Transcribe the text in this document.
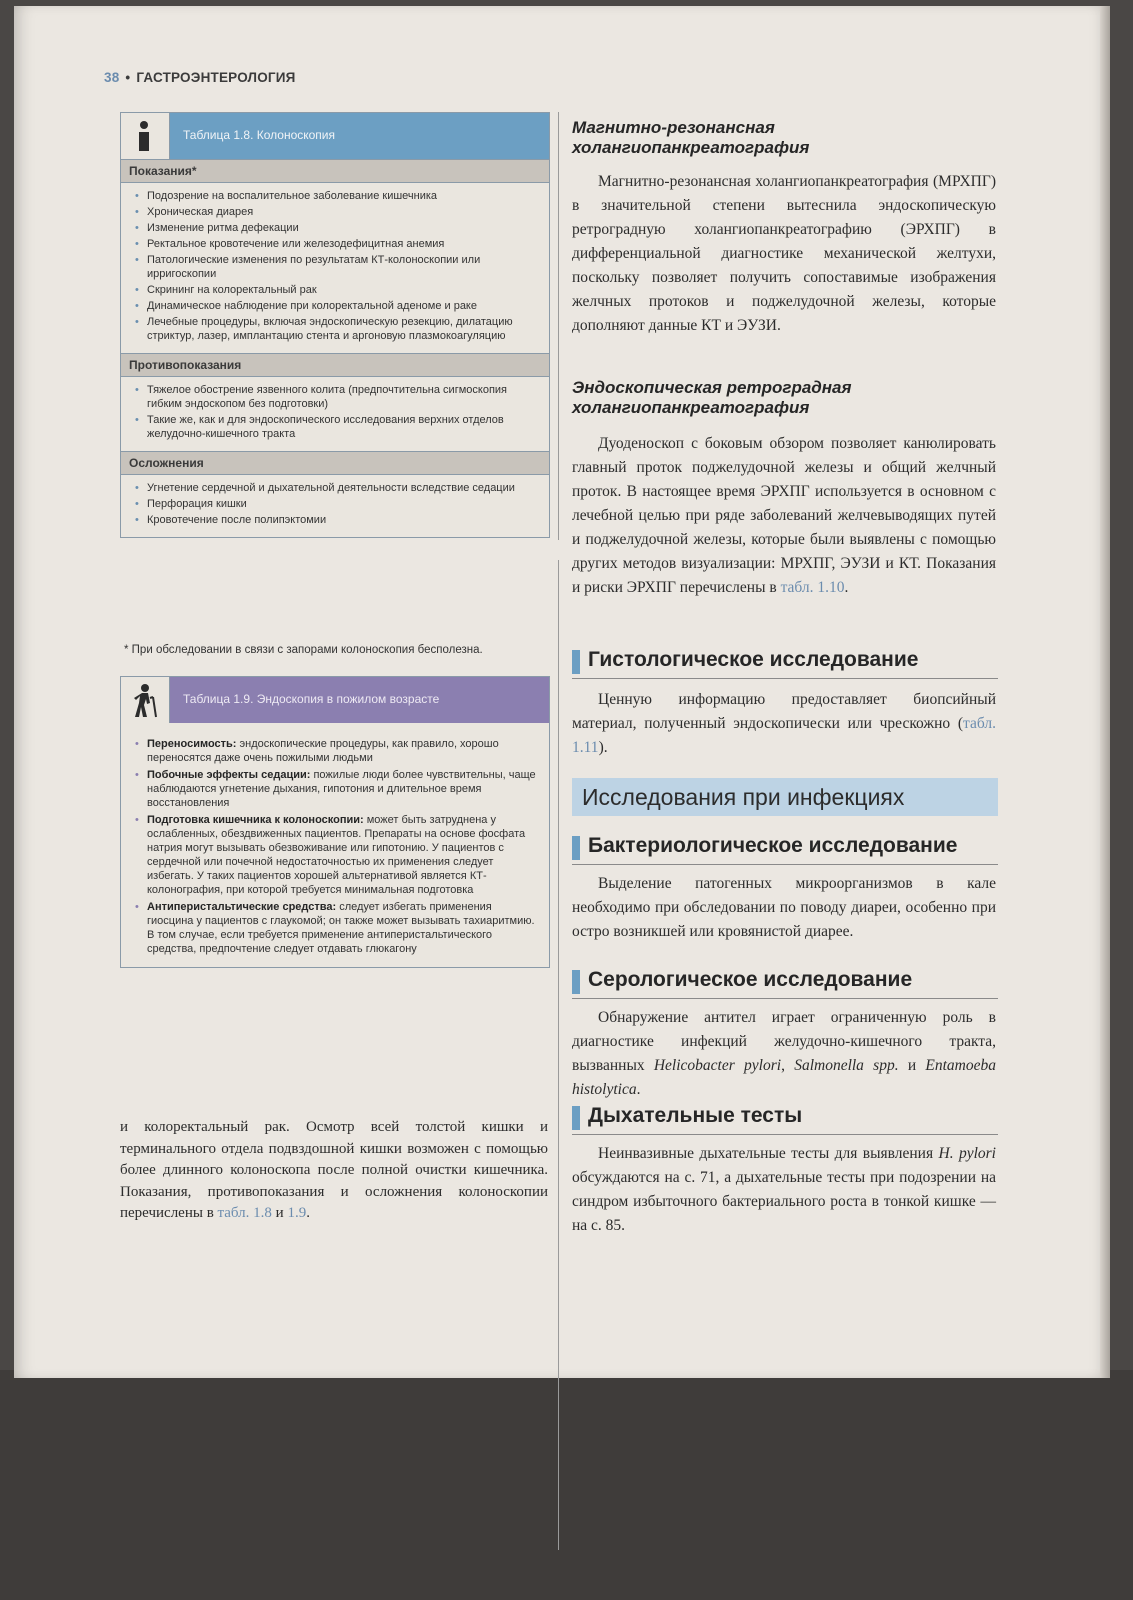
38 • ГАСТРОЭНТЕРОЛОГИЯ
Таблица 1.8. Колоноскопия
Показания*
• Подозрение на воспалительное заболевание кишечника
• Хроническая диарея
• Изменение ритма дефекации
• Ректальное кровотечение или железодефицитная анемия
• Патологические изменения по результатам КТ-колоноскопии или ирригоскопии
• Скрининг на колоректальный рак
• Динамическое наблюдение при колоректальной аденоме и раке
• Лечебные процедуры, включая эндоскопическую резекцию, дилатацию стриктур, лазер, имплантацию стента и аргоновую плазмокоагуляцию
Противопоказания
• Тяжелое обострение язвенного колита (предпочтительна сигмоскопия гибким эндоскопом без подготовки)
• Такие же, как и для эндоскопического исследования верхних отделов желудочно-кишечного тракта
Осложнения
• Угнетение сердечной и дыхательной деятельности вследствие седации
• Перфорация кишки
• Кровотечение после полипэктомии
* При обследовании в связи с запорами колоноскопия бесполезна.
Таблица 1.9. Эндоскопия в пожилом возрасте
• Переносимость: эндоскопические процедуры, как правило, хорошо переносятся даже очень пожилыми людьми
• Побочные эффекты седации: пожилые люди более чувствительны, чаще наблюдаются угнетение дыхания, гипотония и длительное время восстановления
• Подготовка кишечника к колоноскопии: может быть затруднена у ослабленных, обездвиженных пациентов. Препараты на основе фосфата натрия могут вызывать обезвоживание или гипотонию. У пациентов с сердечной или почечной недостаточностью их применения следует избегать. У таких пациентов хорошей альтернативой является КТ-колонография, при которой требуется минимальная подготовка
• Антиперистальтические средства: следует избегать применения гиосцина у пациентов с глаукомой; он также может вызывать тахиаритмию. В том случае, если требуется применение антиперистальтического средства, предпочтение следует отдавать глюкагону
и колоректальный рак. Осмотр всей толстой кишки и терминального отдела подвздошной кишки возможен с помощью более длинного колоноскопа после полной очистки кишечника. Показания, противопоказания и осложнения колоноскопии перечислены в табл. 1.8 и 1.9.
Магнитно-резонансная
холангиопанкреатография
Магнитно-резонансная холангиопанкреатография (МРХПГ) в значительной степени вытеснила эндоскопическую ретроградную холангиопанкреатографию (ЭРХПГ) в дифференциальной диагностике механической желтухи, поскольку позволяет получить сопоставимые изображения желчных протоков и поджелудочной железы, которые дополняют данные КТ и ЭУЗИ.
Эндоскопическая ретроградная
холангиопанкреатография
Дуоденоскоп с боковым обзором позволяет канюлировать главный проток поджелудочной железы и общий желчный проток. В настоящее время ЭРХПГ используется в основном с лечебной целью при ряде заболеваний желчевыводящих путей и поджелудочной железы, которые были выявлены с помощью других методов визуализации: МРХПГ, ЭУЗИ и КТ. Показания и риски ЭРХПГ перечислены в табл. 1.10.
Гистологическое исследование
Ценную информацию предоставляет биопсийный материал, полученный эндоскопически или чрескожно (табл. 1.11).
Исследования при инфекциях
Бактериологическое исследование
Выделение патогенных микроорганизмов в кале необходимо при обследовании по поводу диареи, особенно при остро возникшей или кровянистой диарее.
Серологическое исследование
Обнаружение антител играет ограниченную роль в диагностике инфекций желудочно-кишечного тракта, вызванных Helicobacter pylori, Salmonella spp. и Entamoeba histolytica.
Дыхательные тесты
Неинвазивные дыхательные тесты для выявления H. pylori обсуждаются на с. 71, а дыхательные тесты при подозрении на синдром избыточного бактериального роста в тонкой кишке — на с. 85.
